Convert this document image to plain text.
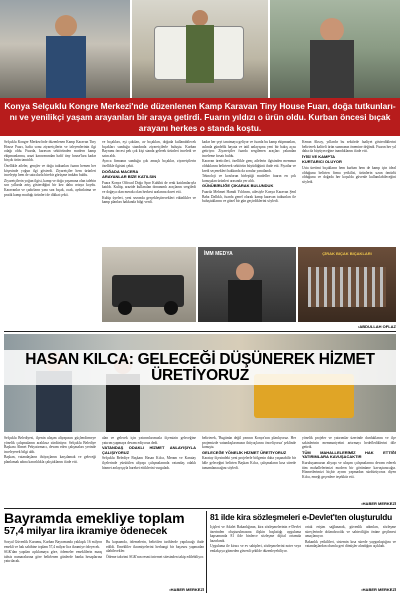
Konya Selçuklu Kongre Merkezi'nde düzenlenen Kamp Karavan Tiny House Fuarı, doğa tutkunları-nı ve yenilikçi yaşam arayanları bir araya getirdi. Fuarın yıldızı o ürün oldu. Kurban öncesi bıçak arayanı herkes o standa koştu.

Selçuklu Kongre Merkezi'nde düzenlenen Kamp Karavan Tiny House Fuarı, hafta sonu ziyaretçilerin ve izleyenlerinin ilgi odağı oldu. Fuarda, karavan sektöründen modern kamp ekipmanlarına, arazi karavanından hafif tiny house'lara kadar birçok ürün tanıtıldı.

Özellikle aileler, gençler ve doğa tutkunları fuarın hemen her köşesinde yoğun ilgi gösterdi. Ziyaretçiler hem ürünleri inceleyip hem de satıcılarla birebir görüşme imkânı buldu.

Ziyaretçilerin yoğun ilgisi, kamp ve doğa yaşamına olan talebin son yıllarda artış gösterdiğini bir kez daha ortaya koydu. Karavanlar ve çadırların yanı sıra bıçak, ocak, aydınlatma ve pratik kamp mutfağı ürünleri de dikkat çekti.

ve bıçakları, eşi çakıları, av bıçakları, doğada kullanabilecek bıçakları sunduğu standında ziyaretçilerle buluştu. Kurban Bayramı öncesi pek çok kişi standa gelerek ürünleri inceledi ve satın aldı.

Ayrıca firmanın sunduğu çok amaçlı bıçaklar, ziyaretçilerin özellikle ilgisini çekti.

DOĞADA MACERA
ARAYANLAR BİZE KATILSIN

Fuara Konya Offroad Doğa Spor Kulübü de renk katılımlarıyla katıldı. Kulüp, arazide kullanılan donanımlı araçlarını sergiledi ve doğaya olan merakı olan herkesi aralarına davet etti.

Kulüp üyeleri, yeni sezonda gerçekleştirecekleri etkinlikler ve kamp planları hakkında bilgi verdi.

kadar her şeyi tanıtmaya geliyor ve fuarda bu kamp ekipmanları, aslında gündelik hayata ve tatil anlayışına yeni bir bakış açısı getiriyor. Ziyaretçiler fuarda sergilenen araçları yakından inceleme fırsatı buldu.

Karavan üreticileri, özellikle genç ailelerin ilgisinden memnun olduklarını belirterek sektörün büyüdüğünü ifade etti. Fiyatlar ve kredi seçenekleri hakkında da sorular yanıtlandı.

Teknoloji ve konforun birleştiği modeller fuarın en çok konuşulan ürünleri arasında yer aldı.

GÜNÜBİRLİĞE ÇIKARAK BULUNDUK

Fuarda Mehmet Hamdi Yıldırım, ailesiyle Konya Karavan Şenl Baba Dallıklı, fuarda genel olarak kamp karavan tutkunları ile buluştuklarını ve güzel bir gün geçirdiklerini söyledi.

Kenan Aksoy, yıllardır bu sektörde faaliyet gösterdiklerini belirterek kaliteli ürün sunmanın önemine değindi. Fuarın her yıl daha da büyüyeceğine inandıklarını ifade etti.

İYİSİ VE KAMPTA
KURTARICI OLUYOR

Usta üretimi bıçakların hem kurban hem de kamp için ideal olduğunu belirten firma yetkilisi, ürünlerin uzun ömürlü olduğunu ve doğada her koşulda güvenle kullanılabileceğini söyledi.

İMM MEDYA	ÇİRAK BIÇAK BIÇAKLARI
•ABDULLAH OFLAZ
HASAN KILCA: GELECEĞİ DÜŞÜNEREK HİZMET ÜRETİYORUZ

Selçuklu Belediyesi, ilçenin ulaşım altyapısını güçlendirmeye yönelik çalışmalarını aralıksız sürdürüyor. Selçuklu Belediye Başkanı Ahmet Pekyatırmacı, devam eden çalışmaları yerinde inceleyerek bilgi aldı.

Başkan, vatandaşların ihtiyaçlarını karşılamak ve geleceği planlamak adına kararlılıkla çalıştıklarını ifade etti.

alan ve gelecek için yatırımlarımızla ilçemizin geleceğine yatırım yapmaya devam ediyoruz dedi.

VATANDAŞ ODAKLI HİZMET ANLAYIŞIYLA ÇALIŞIYORUZ

Selçuklu Belediye Başkanı Hasan Kılca, Meram ve Karatay ilçelerinde yürütülen altyapı çalışmalarında vatandaş odaklı hizmet anlayışıyla hareket ettiklerini vurguladı.

belirterek, 'Bugünün değil yarının Konya'sını planlıyoruz. Her projemizde vatandaşlarımızın ihtiyaçlarını önceliyoruz' şeklinde konuştu.

GELECEĞE YÖNELİK HİZMET ÜRETİYORUZ

Karatay ilçesindeki yeni projelerle bölgenin daha yaşanabilir bir hâle geleceğini belirten Başkan Kılca, çalışmaların kısa sürede tamamlanacağını söyledi.

yönelik projeler ve yatırımlar üzerinde durduklarını ve ilçe sakinlerinin memnuniyetini artırmayı hedeflediklerini dile getirdi.

TÜM MAHALLELERİMİZ HAK ETTİĞİ YATIRIMLARA KAVUŞACAKTIR

Kuruluşumuzun altyapı ve ulaşım çalışmalarına devam ederek tüm mahallelerimizi modern bir görünüme kavuşturacağız. Hizmetlerimizi hiçbir ayrım yapmadan sürdürüyoruz diyen Kılca, emeği geçenlere teşekkür etti.

•HABER MERKEZİ
Bayramda emekliye toplam
57,4 milyar lira ikramiye ödenecek

Sosyal Güvenlik Kurumu, Kurban Bayramında yaklaşık 16 milyon emekli ve hak sahibine toplam 57,4 milyar lira ikramiye ödeyecek.

SGK'dan yapılan açıklamaya göre, ödemeler emeklilerin maaş tahsis numaralarına göre belirlenen günlerde banka hesaplarına yatırılacak.

Bu kapsamda, ödemelerin, belirtilen tarihlerde yapılacağı ifade edildi. Emekliler ikramiyelerini herhangi bir başvuru yapmadan alabilecekler.

Ödeme takvimi SGK'nın resmi internet sitesinden takip edilebiliyor.

•HABER MERKEZİ
81 ilde kira sözleşmeleri e-Devlet'ten oluşturuldu

İçişleri ve Adalet Bakanlığının, kira sözleşmelerinin e-Devlet üzerinden oluşturulmasına ilişkin başlattığı uygulama kapsamında 81 ilde binlerce sözleşme dijital ortamda hazırlandı.

Uygulama ile kiracı ve ev sahipleri, sözleşmelerini noter veya emlakçıya gitmeden güvenli şekilde düzenleyebiliyor.

ortak erişim sağlanarak, güvenlik adımları, sözleşme süreçlerinde dolandırıcılık ve sahteciliğin önüne geçilmesi amaçlanıyor.

Bakanlık yetkilileri, sistemin kısa sürede yaygınlaştığını ve vatandaşlardan olumlu geri dönüşler alındığını açıkladı.

•HABER MERKEZİ
